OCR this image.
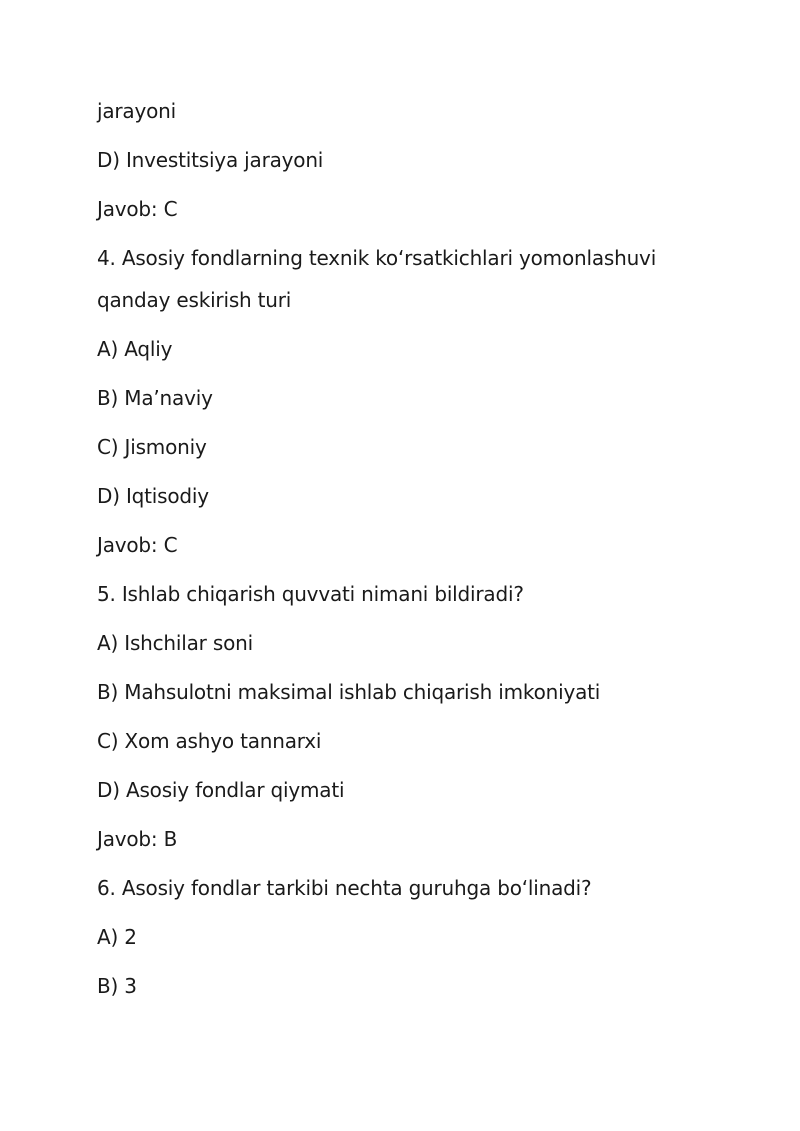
jarayoni
D) Investitsiya jarayoni
Javob: C
4. Asosiy fondlarning texnik ko‘rsatkichlari yomonlashuvi
qanday eskirish turi
A) Aqliy
B) Ma’naviy
C) Jismoniy
D) Iqtisodiy
Javob: C
5. Ishlab chiqarish quvvati nimani bildiradi?
A) Ishchilar soni
B) Mahsulotni maksimal ishlab chiqarish imkoniyati
C) Xom ashyo tannarxi
D) Asosiy fondlar qiymati
Javob: B
6. Asosiy fondlar tarkibi nechta guruhga bo‘linadi?
A) 2
B) 3
